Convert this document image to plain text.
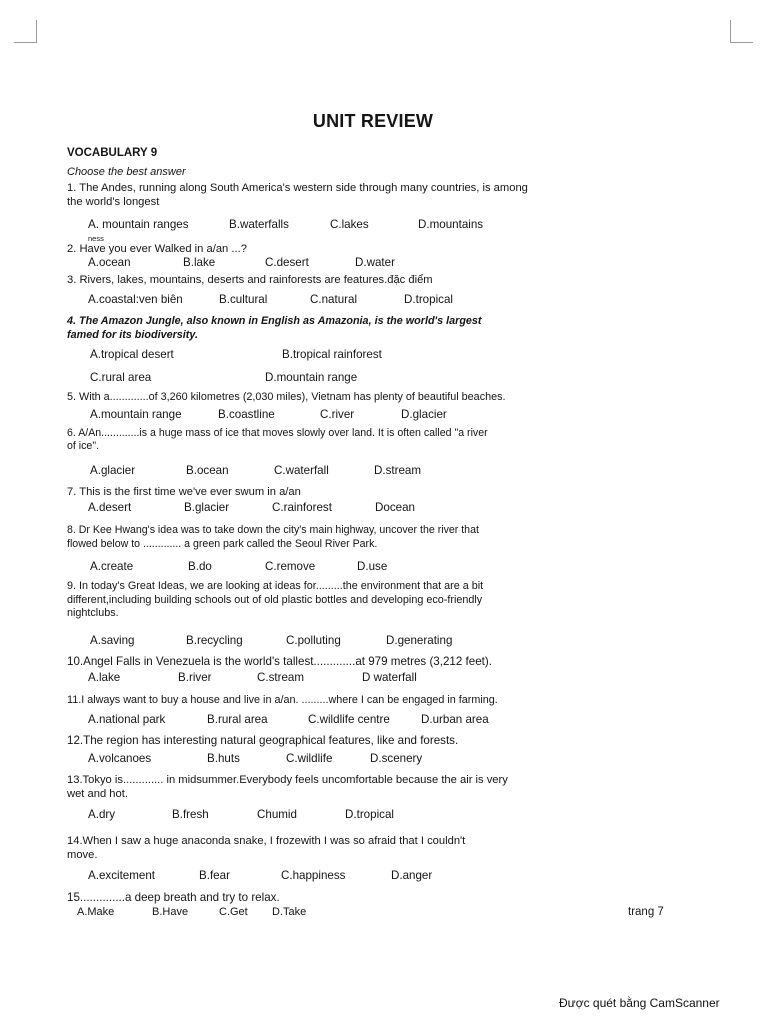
UNIT REVIEW
VOCABULARY 9
Choose the best answer
1. The Andes, running along South America's western side through many countries, is among
the world's longest
A. mountain ranges	B.waterfalls	C.lakes	D.mountains
ness
2. Have you ever Walked in a/an ...?
A.ocean	B.lake	C.desert	D.water
3. Rivers, lakes, mountains, deserts and rainforests are features.đặc điểm
A.coastal:ven biên	B.cultural	C.natural	D.tropical
4. The Amazon Jungle, also known in English as Amazonia, is the world's largest
famed for its biodiversity.
A.tropical desert	B.tropical rainforest
C.rural area	D.mountain range
5. With a.............of 3,260 kilometres (2,030 miles), Vietnam has plenty of beautiful beaches.
A.mountain range	B.coastline	C.river	D.glacier
6. A/An.............is a huge mass of ice that moves slowly over land. It is often called "a river
of ice".
A.glacier	B.ocean	C.waterfall	D.stream
7. This is the first time we've ever swum in a/an
A.desert	B.glacier	C.rainforest	Docean
8. Dr Kee Hwang's idea was to take down the city's main highway, uncover the river that
flowed below to ............. a green park called the Seoul River Park.
A.create	B.do	C.remove	D.use
9. In today's Great Ideas, we are looking at ideas for.........the environment that are a bit
different,including building schools out of old plastic bottles and developing eco-friendly
nightclubs.
A.saving	B.recycling	C.polluting	D.generating
10.Angel Falls in Venezuela is the world's tallest.............at 979 metres (3,212 feet).
A.lake	B.river	C.stream	D waterfall
11.I always want to buy a house and live in a/an. .........where I can be engaged in farming.
A.national park	B.rural area	C.wildlife centre	D.urban area
12.The region has interesting natural geographical features, like and forests.
A.volcanoes	B.huts	C.wildlife	D.scenery
13.Tokyo is............. in midsummer.Everybody feels uncomfortable because the air is very
wet and hot.
A.dry	B.fresh	Chumid	D.tropical
14.When I saw a huge anaconda snake, I frozewith I was so afraid that I couldn't
move.
A.excitement	B.fear	C.happiness	D.anger
15..............a deep breath and try to relax.
A.Make	B.Have	C.Get D.Take	trang 7
Được quét bằng CamScanner
